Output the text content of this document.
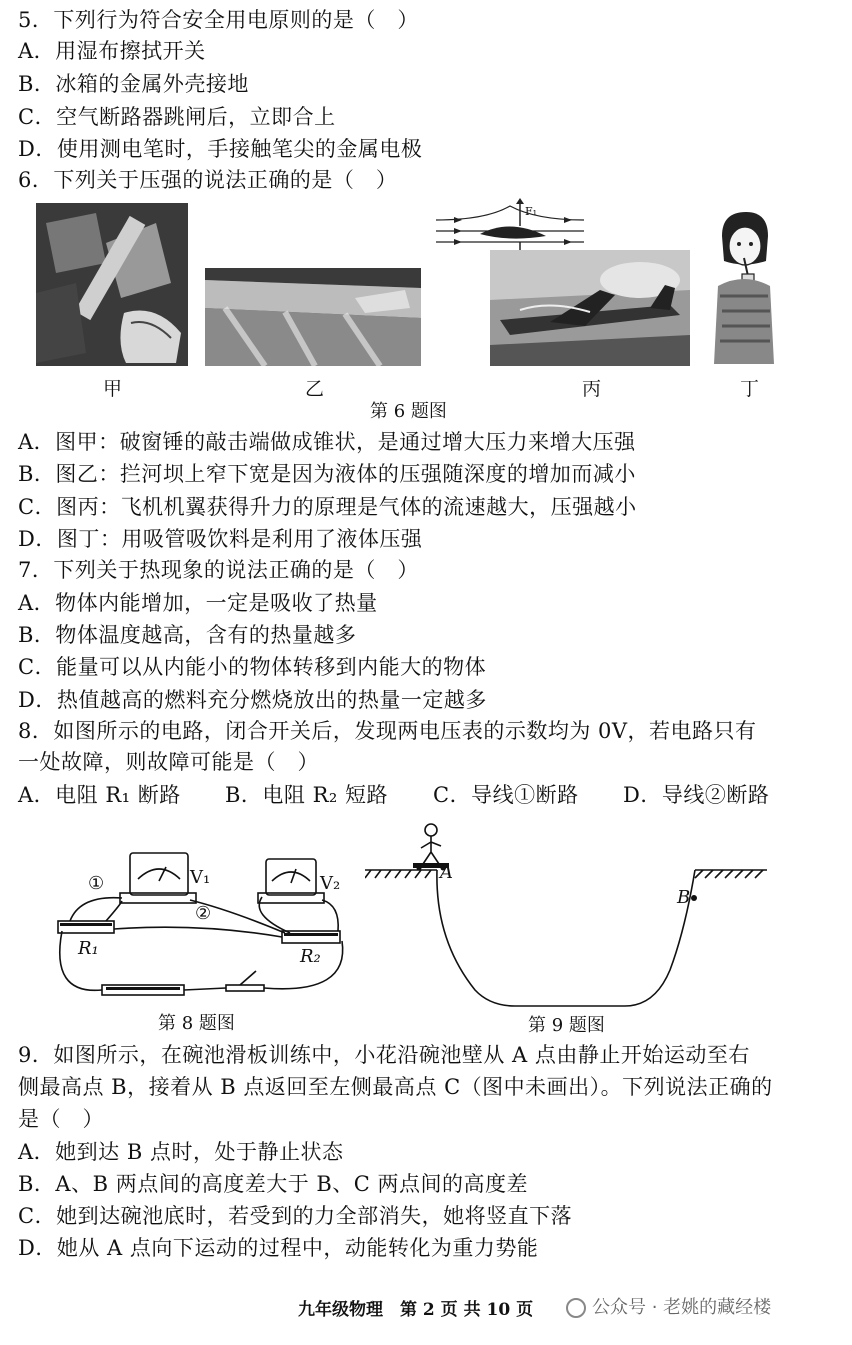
5．下列行为符合安全用电原则的是（　）
A．用湿布擦拭开关
B．冰箱的金属外壳接地
C．空气断路器跳闸后，立即合上
D．使用测电笔时，手接触笔尖的金属电极
6．下列关于压强的说法正确的是（　）
F₁
甲	乙	丙	丁
第 6 题图
A．图甲：破窗锤的敲击端做成锥状，是通过增大压力来增大压强
B．图乙：拦河坝上窄下宽是因为液体的压强随深度的增加而减小
C．图丙：飞机机翼获得升力的原理是气体的流速越大，压强越小
D．图丁：用吸管吸饮料是利用了液体压强
7．下列关于热现象的说法正确的是（　）
A．物体内能增加，一定是吸收了热量
B．物体温度越高，含有的热量越多
C．能量可以从内能小的物体转移到内能大的物体
D．热值越高的燃料充分燃烧放出的热量一定越多
8．如图所示的电路，闭合开关后，发现两电压表的示数均为 0V，若电路只有
一处故障，则故障可能是（　）
A．电阻 R₁ 断路 B．电阻 R₂ 短路 C．导线①断路 D．导线②断路
①
②
V₁	V₂
R₁	R₂
第 8 题图
A
B
第 9 题图
9．如图所示，在碗池滑板训练中，小花沿碗池壁从 A 点由静止开始运动至右
侧最高点 B，接着从 B 点返回至左侧最高点 C（图中未画出）。下列说法正确的
是（　）
A．她到达 B 点时，处于静止状态
B．A、B 两点间的高度差大于 B、C 两点间的高度差
C．她到达碗池底时，若受到的力全部消失，她将竖直下落
D．她从 A 点向下运动的过程中，动能转化为重力势能
九年级物理　第 2 页 共 10 页	公众号 · 老姚的藏经楼
